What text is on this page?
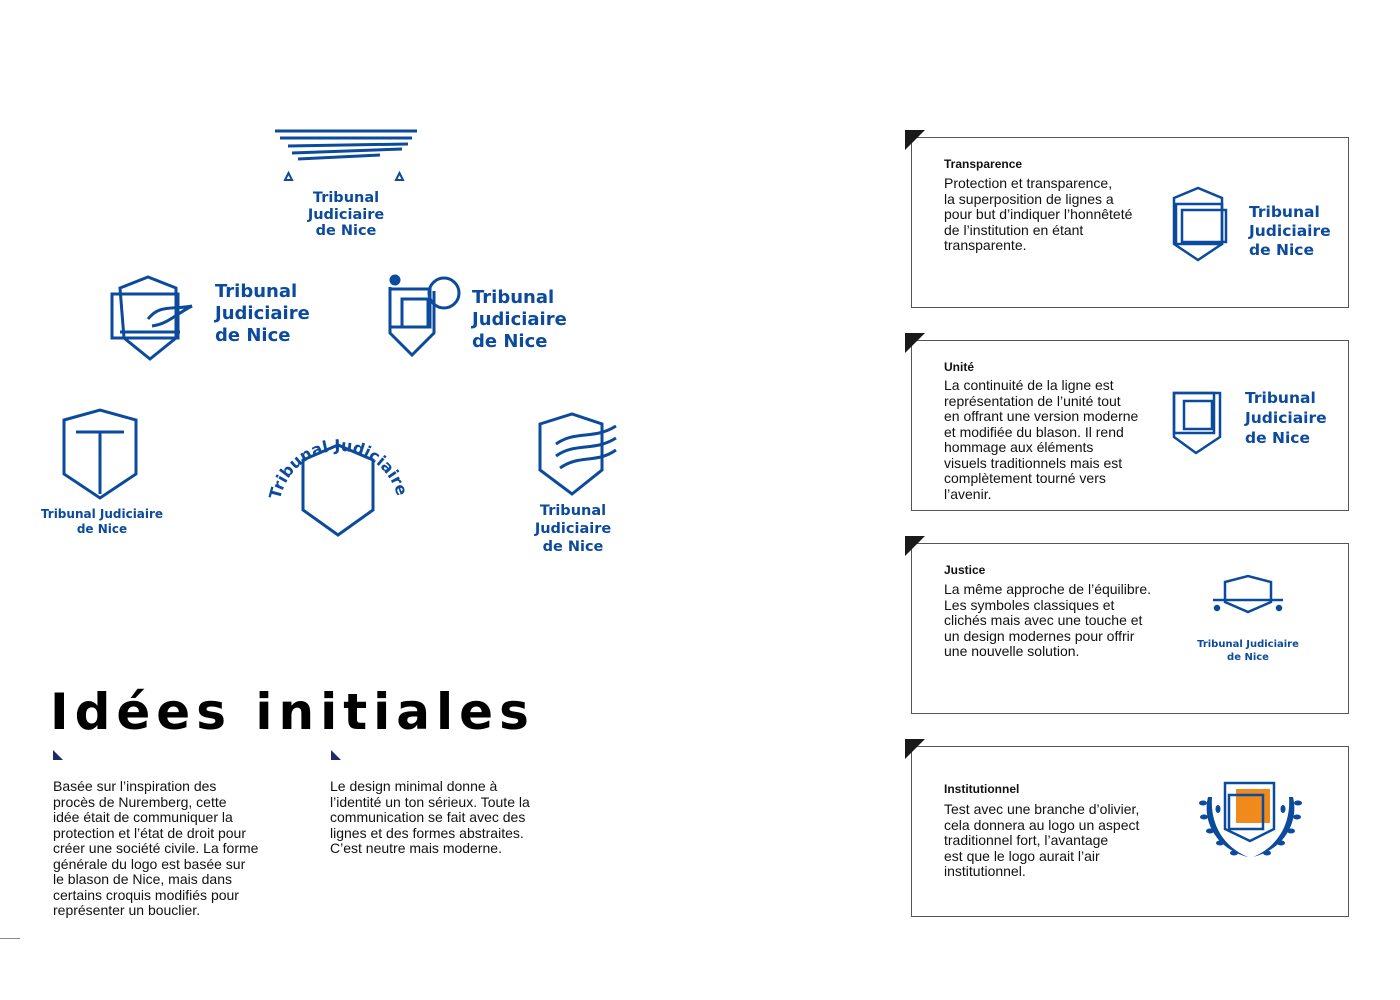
Tribunal Judiciaire
de Nice
Tribunal
Judiciaire
de Nice
Tribunal
Judiciaire
de Nice
Tribunal Judiciaire
de Nice
Tribunal Judiciaire de Nice
Tribunal Judiciaire
de Nice
Idées initiales

Basée sur l’inspiration des
procès de Nuremberg, cette
idée était de communiquer la
protection et l’état de droit pour
créer une société civile. La forme
générale du logo est basée sur
le blason de Nice, mais dans
certains croquis modifiés pour
représenter un bouclier.

Le design minimal donne à
l’identité un ton sérieux. Toute la
communication se fait avec des
lignes et des formes abstraites.
C’est neutre mais moderne.

Transparence

Protection et transparence,
la superposition de lignes a
pour but d’indiquer l’honnêteté
de l’institution en étant
transparente.

Tribunal
Judiciaire
de Nice
Unité

La continuité de la ligne est
représentation de l’unité tout
en offrant une version moderne
et modifiée du blason. Il rend
hommage aux éléments
visuels traditionnels mais est
complètement tourné vers
l’avenir.

Tribunal
Judiciaire
de Nice
Justice

La même approche de l’équilibre.
Les symboles classiques et
clichés mais avec une touche et
un design modernes pour offrir
une nouvelle solution.	Tribunal Judiciaire
de Nice
Institutionnel

Test avec une branche d’olivier,
cela donnera au logo un aspect
traditionnel fort, l’avantage
est que le logo aurait l’air
institutionnel.
